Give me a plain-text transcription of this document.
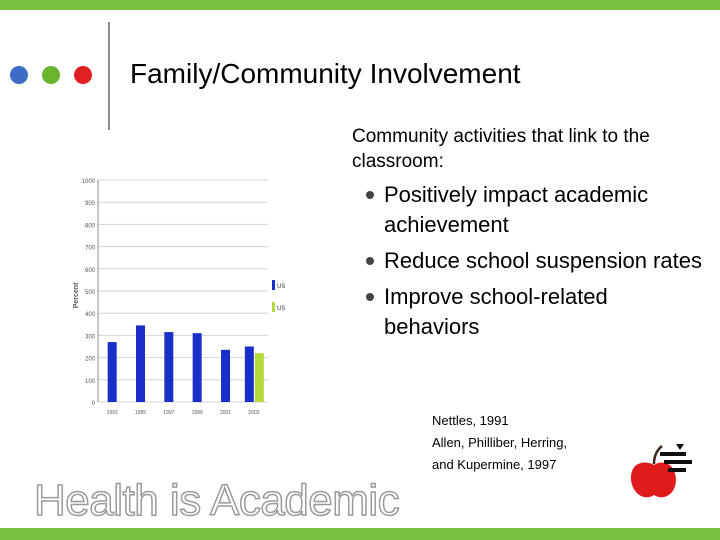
Family/Community Involvement
Community activities that link to the classroom:
Positively impact academic achievement
Reduce school suspension rates
Improve school-related behaviors
Nettles, 1991
Allen, Philliber, Herring,
and Kupermine, 1997
1000
900
800
700
600
500
400
300
200
100
0
Percent
1993	1995	1997	1999	2001	2003
US
US
Health is Academic
